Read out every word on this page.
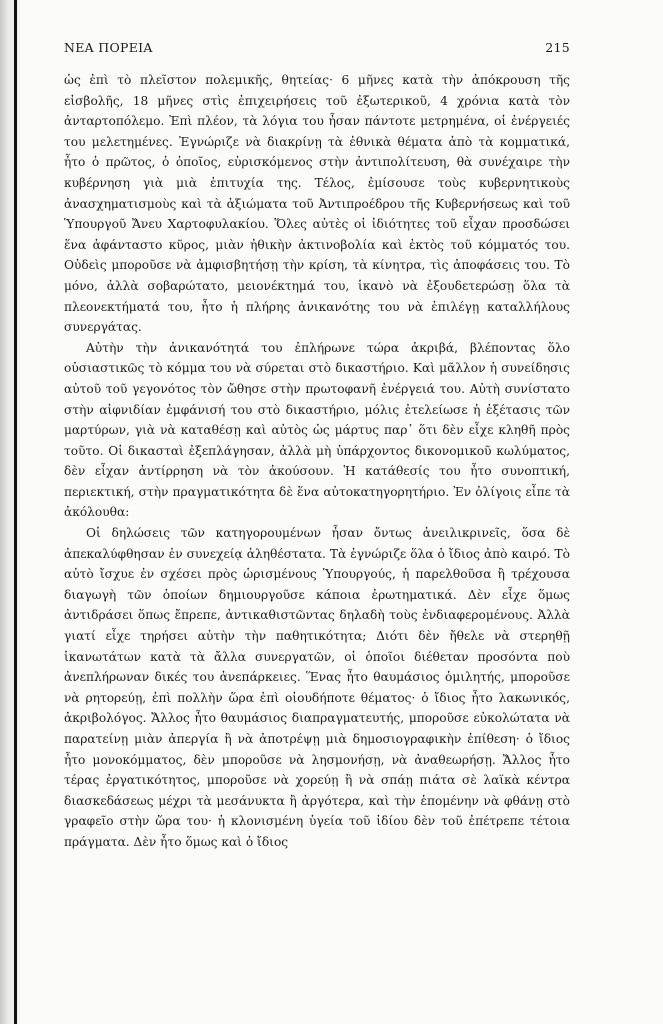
ΝΕΑ ΠΟΡΕΙΑ	215

ὡς ἐπὶ τὸ πλεῖστον πολεμικῆς, θητείας· 6 μῆνες κατὰ τὴν ἀπόκρουση τῆς εἰσβολῆς, 18 μῆνες στὶς ἐπιχειρήσεις τοῦ ἐξωτερικοῦ, 4 χρόνια κατὰ τὸν ἀνταρτοπόλεμο. Ἐπὶ πλέον, τὰ λόγια του ἦσαν πάντοτε μετρημένα, οἱ ἐνέργειές του μελετημένες. Ἐγνώριζε νὰ διακρίνῃ τὰ ἐθνικὰ θέματα ἀπὸ τὰ κομματικά, ἦτο ὁ πρῶτος, ὁ ὁποῖος, εὑρισκόμενος στὴν ἀντιπολίτευση, θὰ συνέχαιρε τὴν κυβέρνηση γιὰ μιὰ ἐπιτυχία της. Τέλος, ἐμίσουσε τοὺς κυβερνητικοὺς ἀνασχηματισμοὺς καὶ τὰ ἀξιώματα τοῦ Ἀντιπροέδρου τῆς Κυβερνήσεως καὶ τοῦ Ὑπουργοῦ Ἄνευ Χαρτοφυλακίου. Ὅλες αὐτὲς οἱ ἰδιότητες τοῦ εἶχαν προσδώσει ἕνα ἀφάνταστο κῦρος, μιὰν ἠθικὴν ἀκτινοβολία καὶ ἐκτὸς τοῦ κόμματός του. Οὐδεὶς μποροῦσε νὰ ἀμφισβητήσῃ τὴν κρίση, τὰ κίνητρα, τὶς ἀποφάσεις του. Τὸ μόνο, ἀλλὰ σοβαρώτατο, μειονέκτημά του, ἱκανὸ νὰ ἐξουδετερώσῃ ὅλα τὰ πλεονεκτήματά του, ἦτο ἡ πλήρης ἀνικανότης του νὰ ἐπιλέγῃ καταλλήλους συνεργάτας.

Αὐτὴν τὴν ἀνικανότητά του ἐπλήρωνε τώρα ἀκριβά, βλέποντας ὅλο οὐσιαστικῶς τὸ κόμμα του νὰ σύρεται στὸ δικαστήριο. Καὶ μᾶλλον ἡ συνείδησις αὐτοῦ τοῦ γεγονότος τὸν ὤθησε στὴν πρωτοφανῆ ἐνέργειά του. Αὐτὴ συνίστατο στὴν αἰφνιδίαν ἐμφάνισή του στὸ δικαστήριο, μόλις ἐτελείωσε ἡ ἐξέτασις τῶν μαρτύρων, γιὰ νὰ καταθέσῃ καὶ αὐτὸς ὡς μάρτυς παρ᾽ ὅτι δὲν εἶχε κληθῆ πρὸς τοῦτο. Οἱ δικασταὶ ἐξεπλάγησαν, ἀλλὰ μὴ ὑπάρχοντος δικονομικοῦ κωλύματος, δὲν εἶχαν ἀντίρρηση νὰ τὸν ἀκούσουν. Ἡ κατάθεσίς του ἦτο συνοπτική, περιεκτική, στὴν πραγματικότητα δὲ ἕνα αὐτοκατηγορητήριο. Ἐν ὀλίγοις εἶπε τὰ ἀκόλουθα:

Οἱ δηλώσεις τῶν κατηγορουμένων ἦσαν ὄντως ἀνειλικρινεῖς, ὅσα δὲ ἀπεκαλύφθησαν ἐν συνεχείᾳ ἀληθέστατα. Τὰ ἐγνώριζε ὅλα ὁ ἴδιος ἀπὸ καιρό. Τὸ αὐτὸ ἴσχυε ἐν σχέσει πρὸς ὡρισμένους Ὑπουργούς, ἡ παρελθοῦσα ἢ τρέχουσα διαγωγὴ τῶν ὁποίων δημιουργοῦσε κάποια ἐρωτηματικά. Δὲν εἶχε ὅμως ἀντιδράσει ὅπως ἔπρεπε, ἀντικαθιστῶντας δηλαδὴ τοὺς ἐνδιαφερομένους. Ἀλλὰ γιατί εἶχε τηρήσει αὐτὴν τὴν παθητικότητα; Διότι δὲν ἤθελε νὰ στερηθῇ ἱκανωτάτων κατὰ τὰ ἄλλα συνεργατῶν, οἱ ὁποῖοι διέθεταν προσόντα ποὺ ἀνεπλήρωναν δικές του ἀνεπάρκειες. Ἕνας ἦτο θαυμάσιος ὁμιλητής, μποροῦσε νὰ ρητορεύῃ, ἐπὶ πολλὴν ὥρα ἐπὶ οἱουδήποτε θέματος· ὁ ἴδιος ἦτο λακωνικός, ἀκριβολόγος. Ἄλλος ἦτο θαυμάσιος διαπραγματευτής, μποροῦσε εὐκολώτατα νὰ παρατείνῃ μιὰν ἀπεργία ἢ νὰ ἀποτρέψῃ μιὰ δημοσιογραφικὴν ἐπίθεση· ὁ ἴδιος ἦτο μονοκόμματος, δὲν μποροῦσε νὰ λησμονήσῃ, νὰ ἀναθεωρήσῃ. Ἄλλος ἦτο τέρας ἐργατικότητος, μποροῦσε νὰ χορεύῃ ἢ νὰ σπάῃ πιάτα σὲ λαϊκὰ κέντρα διασκεδάσεως μέχρι τὰ μεσάνυκτα ἢ ἀργότερα, καὶ τὴν ἑπομένην νὰ φθάνῃ στὸ γραφεῖο στὴν ὥρα του· ἡ κλονισμένη ὑγεία τοῦ ἰδίου δὲν τοῦ ἐπέτρεπε τέτοια πράγματα. Δὲν ἦτο ὅμως καὶ ὁ ἴδιος
